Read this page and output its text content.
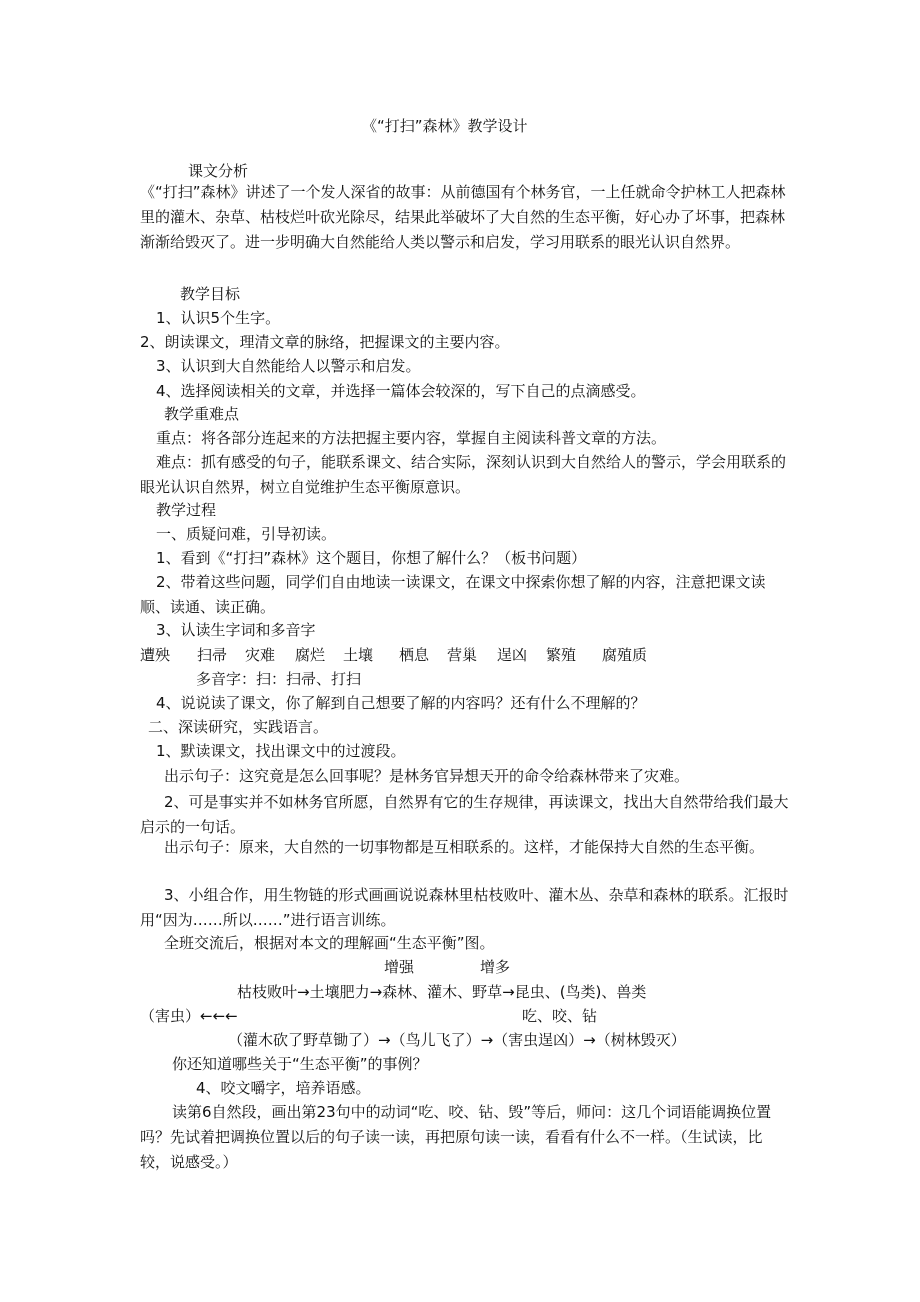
《“打扫”森林》教学设计
课文分析
《“打扫”森林》讲述了一个发人深省的故事：从前德国有个林务官，一上任就命令护林工人把森林里的灌木、杂草、枯枝烂叶砍光除尽，结果此举破坏了大自然的生态平衡，好心办了坏事，把森林渐渐给毁灭了。进一步明确大自然能给人类以警示和启发，学习用联系的眼光认识自然界。
教学目标
1、认识5个生字。
2、朗读课文，理清文章的脉络，把握课文的主要内容。
3、认识到大自然能给人以警示和启发。
4、选择阅读相关的文章，并选择一篇体会较深的，写下自己的点滴感受。
教学重难点
重点：将各部分连起来的方法把握主要内容，掌握自主阅读科普文章的方法。
难点：抓有感受的句子，能联系课文、结合实际，深刻认识到大自然给人的警示，学会用联系的眼光认识自然界，树立自觉维护生态平衡原意识。
教学过程
一、质疑问难，引导初读。
1、看到《“打扫”森林》这个题目，你想了解什么？（板书问题）
2、带着这些问题，同学们自由地读一读课文，在课文中探索你想了解的内容，注意把课文读顺、读通、读正确。
3、认读生字词和多音字
遭殃 扫帚 灾难 腐烂 土壤 栖息 营巢 逞凶 繁殖 腐殖质
多音字：扫：扫帚、打扫
4、说说读了课文，你了解到自己想要了解的内容吗？还有什么不理解的？
二、深读研究，实践语言。
1、默读课文，找出课文中的过渡段。
出示句子：这究竟是怎么回事呢？是林务官异想天开的命令给森林带来了灾难。
2、可是事实并不如林务官所愿，自然界有它的生存规律，再读课文，找出大自然带给我们最大启示的一句话。
出示句子：原来，大自然的一切事物都是互相联系的。这样，才能保持大自然的生态平衡。
3、小组合作，用生物链的形式画画说说森林里枯枝败叶、灌木丛、杂草和森林的联系。汇报时用“因为……所以……”进行语言训练。
全班交流后，根据对本文的理解画“生态平衡”图。
增强	增多
枯枝败叶→土壤肥力→森林、灌木、野草→昆虫、(鸟类)、兽类
（害虫）←←←	吃、咬、钻
（灌木砍了野草锄了）→（鸟儿飞了）→（害虫逞凶）→（树林毁灭）
你还知道哪些关于“生态平衡”的事例？
4、咬文嚼字，培养语感。
读第6自然段，画出第23句中的动词“吃、咬、钻、毁”等后，师问：这几个词语能调换位置吗？先试着把调换位置以后的句子读一读，再把原句读一读，看看有什么不一样。（生试读，比较，说感受。）
